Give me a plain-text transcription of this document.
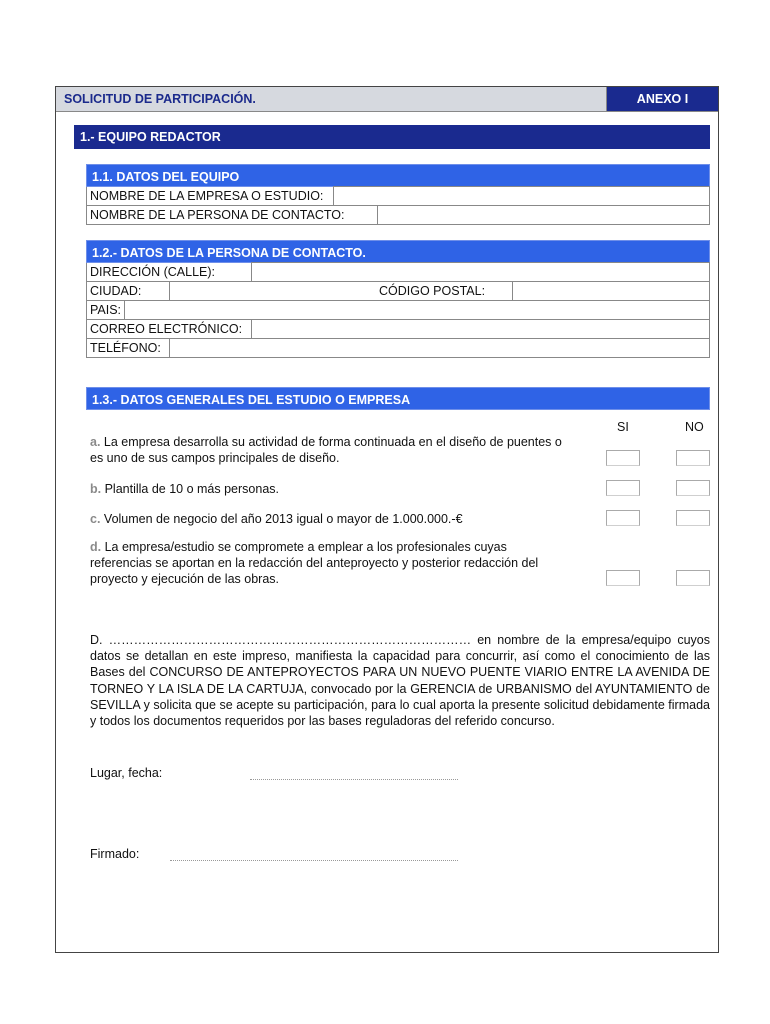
SOLICITUD DE PARTICIPACIÓN.	ANEXO I
1.- EQUIPO REDACTOR
1.1. DATOS DEL EQUIPO
NOMBRE DE LA EMPRESA O ESTUDIO:
NOMBRE DE LA PERSONA DE CONTACTO:
1.2.- DATOS DE LA PERSONA DE CONTACTO.
DIRECCIÓN (CALLE):
CIUDAD:	CÓDIGO POSTAL:
PAIS:
CORREO ELECTRÓNICO:
TELÉFONO:
1.3.- DATOS GENERALES DEL ESTUDIO O EMPRESA
SI	NO
a. La empresa desarrolla su actividad de forma continuada en el diseño de puentes o es uno de sus campos principales de diseño.
b. Plantilla de 10 o más personas.
c. Volumen de negocio del año 2013 igual o mayor de 1.000.000.-€
d. La empresa/estudio se compromete a emplear a los profesionales cuyas referencias se aportan en la redacción del anteproyecto y posterior redacción del proyecto y ejecución de las obras.
D. …………………………………………………………………………… en nombre de la empresa/equipo cuyos datos se detallan en este impreso, manifiesta la capacidad para concurrir, así como el conocimiento de las Bases del CONCURSO DE ANTEPROYECTOS PARA UN NUEVO PUENTE VIARIO ENTRE LA AVENIDA DE TORNEO Y LA ISLA DE LA CARTUJA, convocado por la GERENCIA de URBANISMO del AYUNTAMIENTO de SEVILLA y solicita que se acepte su participación, para lo cual aporta la presente solicitud debidamente firmada y todos los documentos requeridos por las bases reguladoras del referido concurso.
Lugar, fecha:
Firmado:
